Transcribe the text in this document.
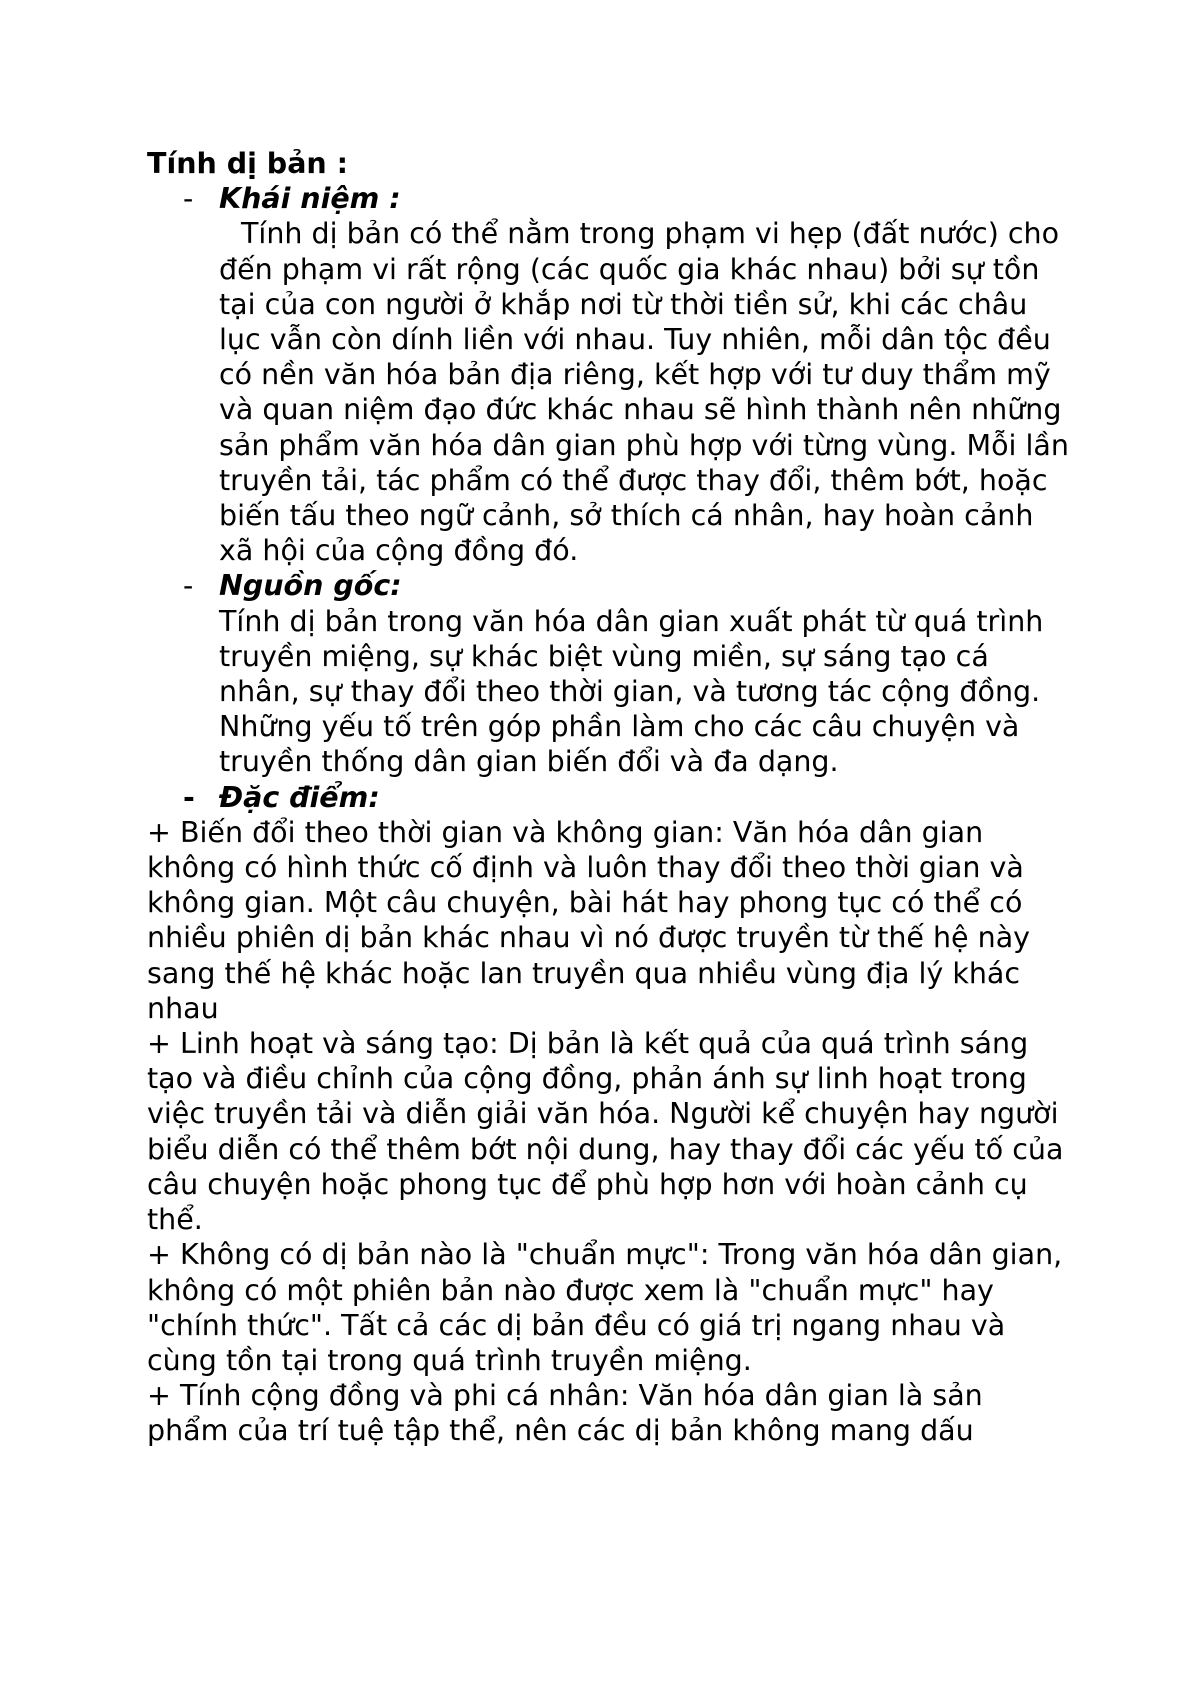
Tính dị bản :

- Khái niệm :

Tính dị bản có thể nằm trong phạm vi hẹp (đất nước) cho đến phạm vi rất rộng (các quốc gia khác nhau) bởi sự tồn tại của con người ở khắp nơi từ thời tiền sử, khi các châu lục vẫn còn dính liền với nhau. Tuy nhiên, mỗi dân tộc đều có nền văn hóa bản địa riêng, kết hợp với tư duy thẩm mỹ và quan niệm đạo đức khác nhau sẽ hình thành nên những sản phẩm văn hóa dân gian phù hợp với từng vùng. Mỗi lần truyền tải, tác phẩm có thể được thay đổi, thêm bớt, hoặc biến tấu theo ngữ cảnh, sở thích cá nhân, hay hoàn cảnh xã hội của cộng đồng đó.

- Nguồn gốc:

Tính dị bản trong văn hóa dân gian xuất phát từ quá trình truyền miệng, sự khác biệt vùng miền, sự sáng tạo cá nhân, sự thay đổi theo thời gian, và tương tác cộng đồng. Những yếu tố trên góp phần làm cho các câu chuyện và truyền thống dân gian biến đổi và đa dạng.

- Đặc điểm:

+ Biến đổi theo thời gian và không gian: Văn hóa dân gian không có hình thức cố định và luôn thay đổi theo thời gian và không gian. Một câu chuyện, bài hát hay phong tục có thể có nhiều phiên dị bản khác nhau vì nó được truyền từ thế hệ này sang thế hệ khác hoặc lan truyền qua nhiều vùng địa lý khác nhau

+ Linh hoạt và sáng tạo: Dị bản là kết quả của quá trình sáng tạo và điều chỉnh của cộng đồng, phản ánh sự linh hoạt trong việc truyền tải và diễn giải văn hóa. Người kể chuyện hay người biểu diễn có thể thêm bớt nội dung, hay thay đổi các yếu tố của câu chuyện hoặc phong tục để phù hợp hơn với hoàn cảnh cụ thể.

+ Không có dị bản nào là "chuẩn mực": Trong văn hóa dân gian, không có một phiên bản nào được xem là "chuẩn mực" hay "chính thức". Tất cả các dị bản đều có giá trị ngang nhau và cùng tồn tại trong quá trình truyền miệng.

+ Tính cộng đồng và phi cá nhân: Văn hóa dân gian là sản phẩm của trí tuệ tập thể, nên các dị bản không mang dấu
